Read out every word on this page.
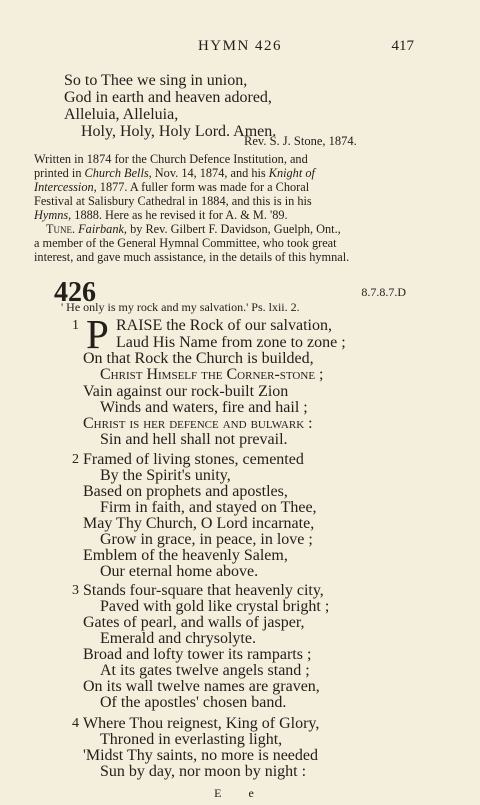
HYMN 426	417
So to Thee we sing in union,
God in earth and heaven adored,
Alleluia, Alleluia,
Holy, Holy, Holy Lord. Amen.
Rev. S. J. Stone, 1874.
Written in 1874 for the Church Defence Institution, and
printed in Church Bells, Nov. 14, 1874, and his Knight of
Intercession, 1877. A fuller form was made for a Choral
Festival at Salisbury Cathedral in 1884, and this is in his
Hymns, 1888. Here as he revised it for A. & M. '89.
Tune. Fairbank, by Rev. Gilbert F. Davidson, Guelph, Ont.,
a member of the General Hymnal Committee, who took great
interest, and gave much assistance, in the details of this hymnal.
426	8.7.8.7.D
' He only is my rock and my salvation.' Ps. lxii. 2.
1 P RAISE the Rock of our salvation,
Laud His Name from zone to zone ;
On that Rock the Church is builded,
Christ Himself the Corner-stone ;
Vain against our rock-built Zion
Winds and waters, fire and hail ;
Christ is her defence and bulwark :
Sin and hell shall not prevail.
2 Framed of living stones, cemented
By the Spirit's unity,
Based on prophets and apostles,
Firm in faith, and stayed on Thee,
May Thy Church, O Lord incarnate,
Grow in grace, in peace, in love ;
Emblem of the heavenly Salem,
Our eternal home above.
3 Stands four-square that heavenly city,
Paved with gold like crystal bright ;
Gates of pearl, and walls of jasper,
Emerald and chrysolyte.
Broad and lofty tower its ramparts ;
At its gates twelve angels stand ;
On its wall twelve names are graven,
Of the apostles' chosen band.
4 Where Thou reignest, King of Glory,
Throned in everlasting light,
'Midst Thy saints, no more is needed
Sun by day, nor moon by night :
E e
